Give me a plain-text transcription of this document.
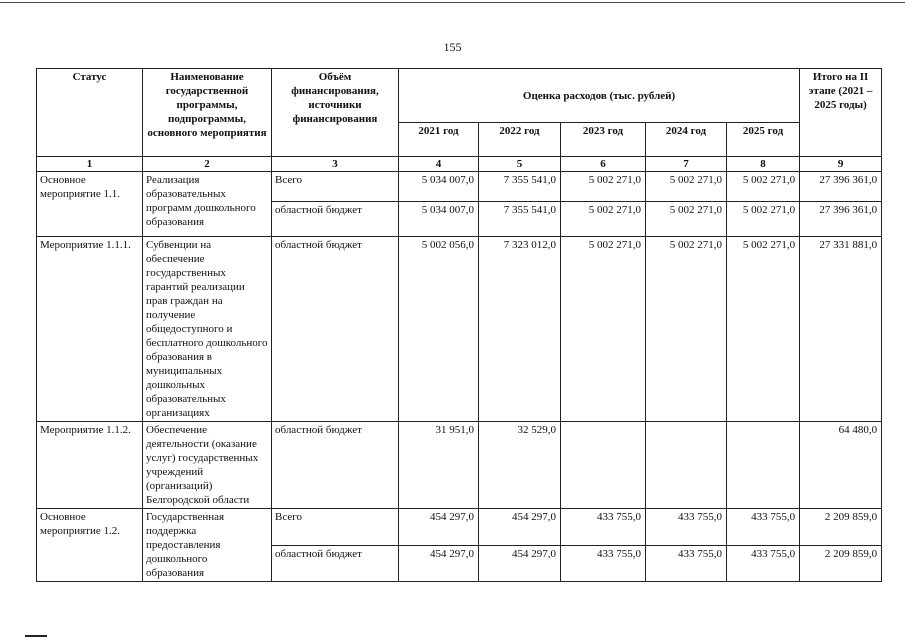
155
Статус	Наименование государственной программы, подпрограммы, основного мероприятия	Объём финансирования, источники финансирования	Оценка расходов (тыс. рублей)					Итого на II этапе (2021 – 2025 годы)
			2021 год	2022 год	2023 год	2024 год	2025 год	
1	2	3	4	5	6	7	8	9
Основное мероприятие 1.1.	Реализация образовательных программ дошкольного образования	Всего	5 034 007,0	7 355 541,0	5 002 271,0	5 002 271,0	5 002 271,0	27 396 361,0
		областной бюджет	5 034 007,0	7 355 541,0	5 002 271,0	5 002 271,0	5 002 271,0	27 396 361,0
Мероприятие 1.1.1.	Субвенции на обеспечение государственных гарантий реализации прав граждан на получение общедоступного и бесплатного дошкольного образования в муниципальных дошкольных образовательных организациях	областной бюджет	5 002 056,0	7 323 012,0	5 002 271,0	5 002 271,0	5 002 271,0	27 331 881,0
Мероприятие 1.1.2.	Обеспечение деятельности (оказание услуг) государственных учреждений (организаций) Белгородской области	областной бюджет	31 951,0	32 529,0				64 480,0
Основное мероприятие 1.2.	Государственная поддержка предоставления дошкольного образования	Всего	454 297,0	454 297,0	433 755,0	433 755,0	433 755,0	2 209 859,0
		областной бюджет	454 297,0	454 297,0	433 755,0	433 755,0	433 755,0	2 209 859,0
